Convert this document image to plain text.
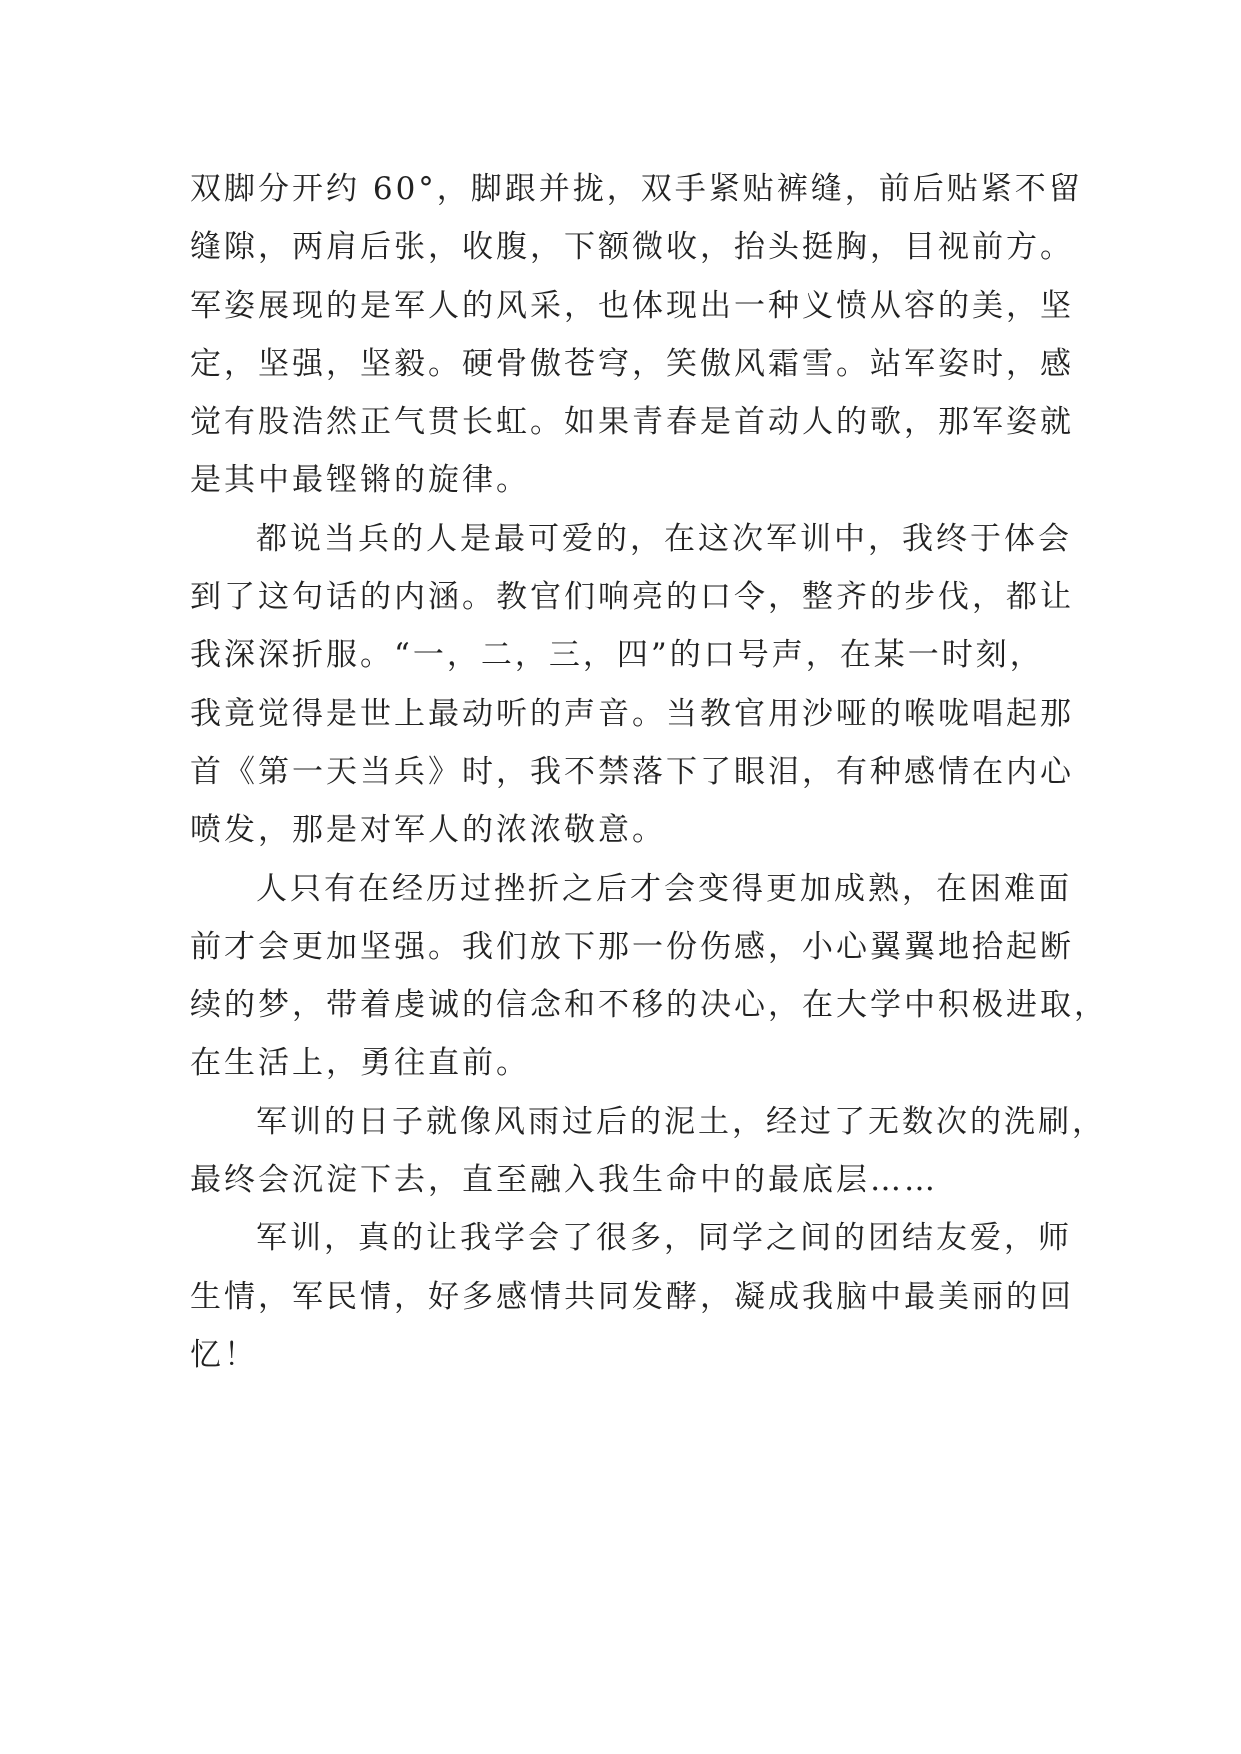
双脚分开约 60°，脚跟并拢，双手紧贴裤缝，前后贴紧不留
缝隙，两肩后张，收腹，下额微收，抬头挺胸，目视前方。
军姿展现的是军人的风采，也体现出一种义愤从容的美，坚
定，坚强，坚毅。硬骨傲苍穹，笑傲风霜雪。站军姿时，感
觉有股浩然正气贯长虹。如果青春是首动人的歌，那军姿就
是其中最铿锵的旋律。
都说当兵的人是最可爱的，在这次军训中，我终于体会
到了这句话的内涵。教官们响亮的口令，整齐的步伐，都让
我深深折服。“一，二，三，四”的口号声，在某一时刻，
我竟觉得是世上最动听的声音。当教官用沙哑的喉咙唱起那
首《第一天当兵》时，我不禁落下了眼泪，有种感情在内心
喷发，那是对军人的浓浓敬意。
人只有在经历过挫折之后才会变得更加成熟，在困难面
前才会更加坚强。我们放下那一份伤感，小心翼翼地拾起断
续的梦，带着虔诚的信念和不移的决心，在大学中积极进取，
在生活上，勇往直前。
军训的日子就像风雨过后的泥土，经过了无数次的洗刷，
最终会沉淀下去，直至融入我生命中的最底层……
军训，真的让我学会了很多，同学之间的团结友爱，师
生情，军民情，好多感情共同发酵，凝成我脑中最美丽的回
忆！
